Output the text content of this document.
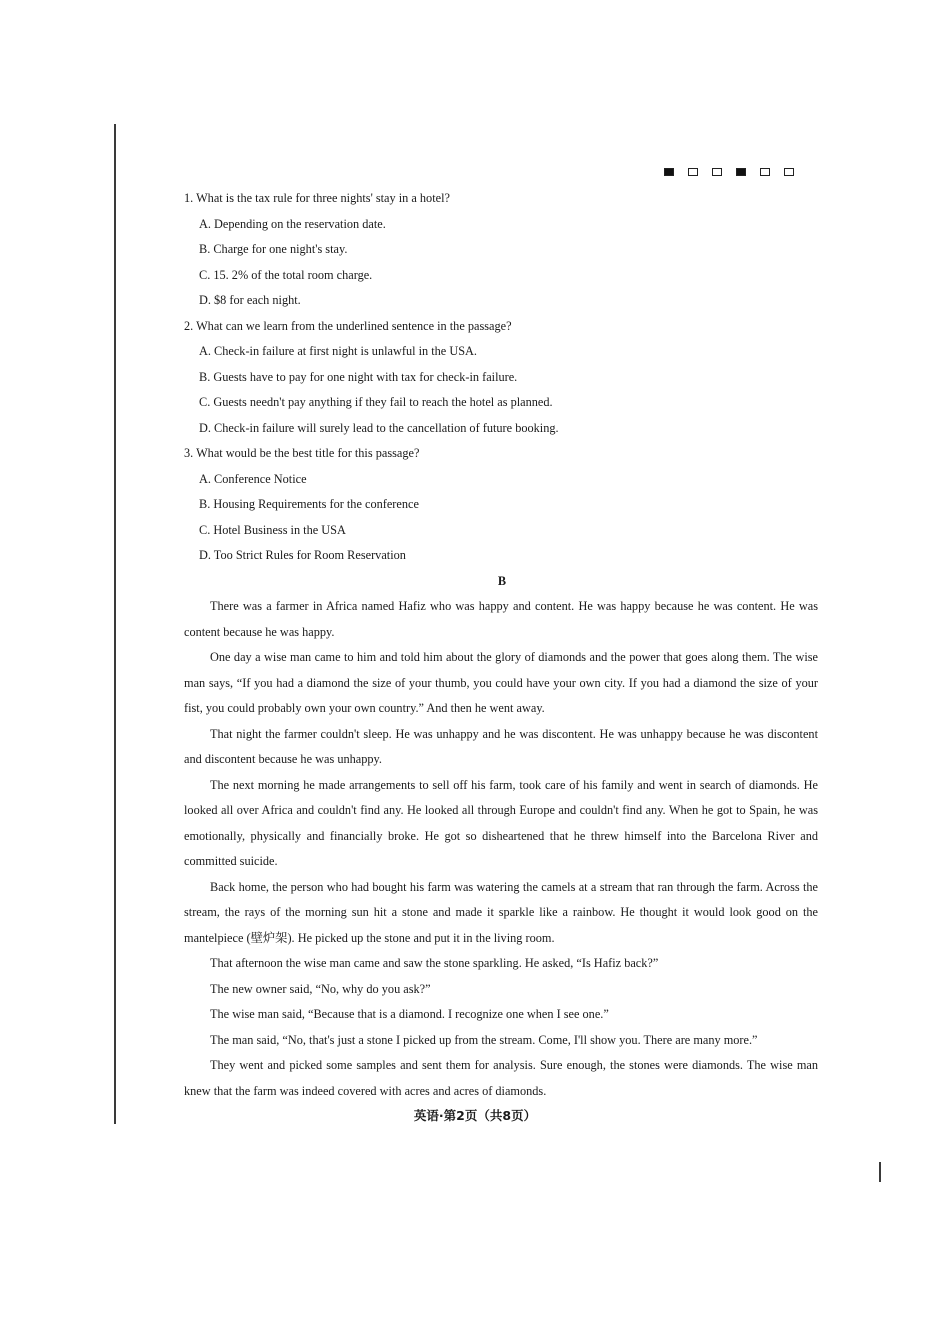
1. What is the tax rule for three nights' stay in a hotel?

A. Depending on the reservation date.

B. Charge for one night's stay.

C. 15. 2% of the total room charge.

D. $8 for each night.

2. What can we learn from the underlined sentence in the passage?

A. Check-in failure at first night is unlawful in the USA.

B. Guests have to pay for one night with tax for check-in failure.

C. Guests needn't pay anything if they fail to reach the hotel as planned.

D. Check-in failure will surely lead to the cancellation of future booking.

3. What would be the best title for this passage?

A. Conference Notice

B. Housing Requirements for the conference

C. Hotel Business in the USA

D. Too Strict Rules for Room Reservation

B

There was a farmer in Africa named Hafiz who was happy and content. He was happy because he was content. He was content because he was happy.

One day a wise man came to him and told him about the glory of diamonds and the power that goes along them. The wise man says, “If you had a diamond the size of your thumb, you could have your own city. If you had a diamond the size of your fist, you could probably own your own country.” And then he went away.

That night the farmer couldn't sleep. He was unhappy and he was discontent. He was unhappy because he was discontent and discontent because he was unhappy.

The next morning he made arrangements to sell off his farm, took care of his family and went in search of diamonds. He looked all over Africa and couldn't find any. He looked all through Europe and couldn't find any. When he got to Spain, he was emotionally, physically and financially broke. He got so disheartened that he threw himself into the Barcelona River and committed suicide.

Back home, the person who had bought his farm was watering the camels at a stream that ran through the farm. Across the stream, the rays of the morning sun hit a stone and made it sparkle like a rainbow. He thought it would look good on the mantelpiece (壁炉架). He picked up the stone and put it in the living room.

That afternoon the wise man came and saw the stone sparkling. He asked, “Is Hafiz back?”

The new owner said, “No, why do you ask?”

The wise man said, “Because that is a diamond. I recognize one when I see one.”

The man said, “No, that's just a stone I picked up from the stream. Come, I'll show you. There are many more.”

They went and picked some samples and sent them for analysis. Sure enough, the stones were diamonds. The wise man knew that the farm was indeed covered with acres and acres of diamonds.

英语·第2页（共8页）
